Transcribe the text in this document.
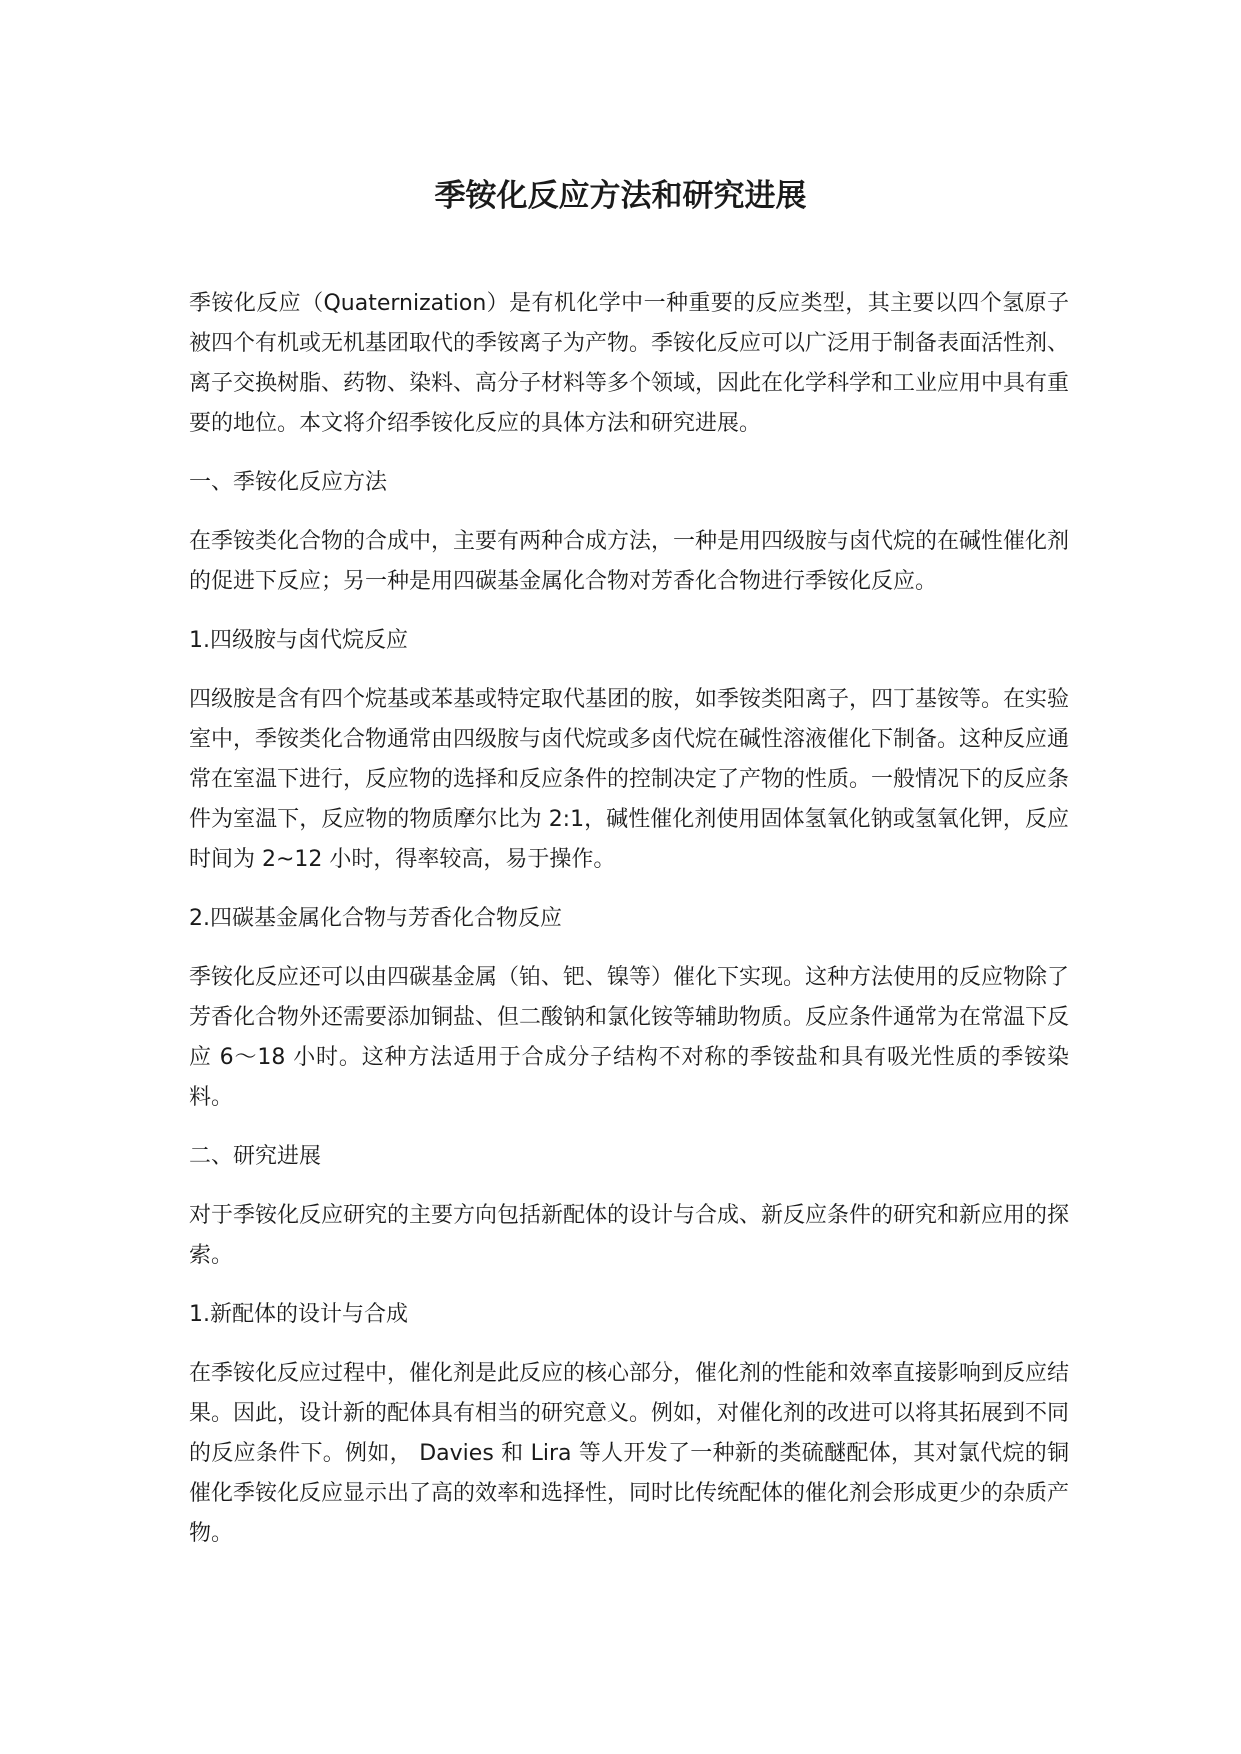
季铵化反应方法和研究进展

季铵化反应（Quaternization）是有机化学中一种重要的反应类型，其主要以四个氢原子被四个有机或无机基团取代的季铵离子为产物。季铵化反应可以广泛用于制备表面活性剂、离子交换树脂、药物、染料、高分子材料等多个领域，因此在化学科学和工业应用中具有重要的地位。本文将介绍季铵化反应的具体方法和研究进展。

一、季铵化反应方法

在季铵类化合物的合成中，主要有两种合成方法，一种是用四级胺与卤代烷的在碱性催化剂的促进下反应；另一种是用四碳基金属化合物对芳香化合物进行季铵化反应。

1.四级胺与卤代烷反应

四级胺是含有四个烷基或苯基或特定取代基团的胺，如季铵类阳离子，四丁基铵等。在实验室中，季铵类化合物通常由四级胺与卤代烷或多卤代烷在碱性溶液催化下制备。这种反应通常在室温下进行，反应物的选择和反应条件的控制决定了产物的性质。一般情况下的反应条件为室温下，反应物的物质摩尔比为 2:1，碱性催化剂使用固体氢氧化钠或氢氧化钾，反应时间为 2~12 小时，得率较高，易于操作。

2.四碳基金属化合物与芳香化合物反应

季铵化反应还可以由四碳基金属（铂、钯、镍等）催化下实现。这种方法使用的反应物除了芳香化合物外还需要添加铜盐、但二酸钠和氯化铵等辅助物质。反应条件通常为在常温下反应 6～18 小时。这种方法适用于合成分子结构不对称的季铵盐和具有吸光性质的季铵染料。

二、研究进展

对于季铵化反应研究的主要方向包括新配体的设计与合成、新反应条件的研究和新应用的探索。

1.新配体的设计与合成

在季铵化反应过程中，催化剂是此反应的核心部分，催化剂的性能和效率直接影响到反应结果。因此，设计新的配体具有相当的研究意义。例如，对催化剂的改进可以将其拓展到不同的反应条件下。例如， Davies 和 Lira 等人开发了一种新的类硫醚配体，其对氯代烷的铜催化季铵化反应显示出了高的效率和选择性，同时比传统配体的催化剂会形成更少的杂质产物。
